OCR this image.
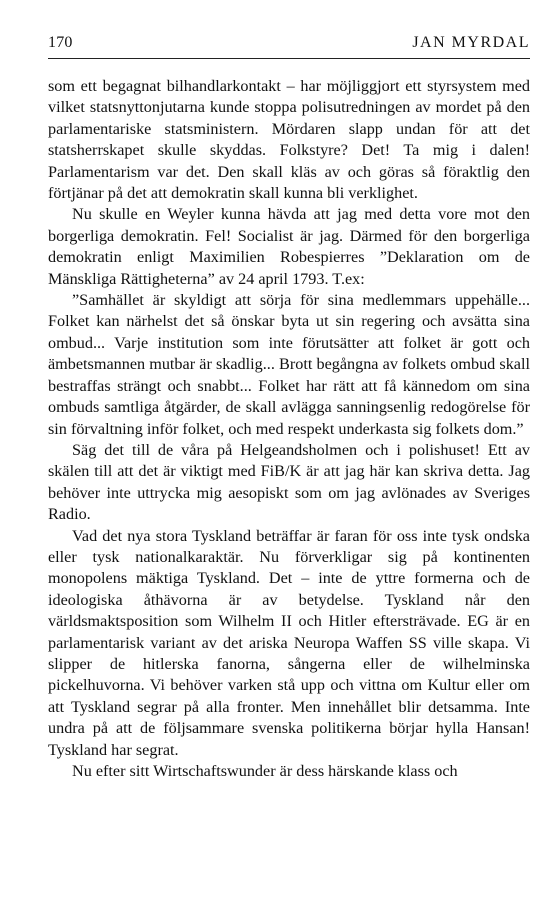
170	JAN MYRDAL

som ett begagnat bilhandlarkontakt – har möjliggjort ett styrsystem med vilket statsnyttonjutarna kunde stoppa polisutredningen av mordet på den parlamentariske statsministern. Mördaren slapp undan för att det statsherrskapet skulle skyddas. Folkstyre? Det! Ta mig i dalen! Parlamentarism var det. Den skall kläs av och göras så föraktlig den förtjänar på det att demokratin skall kunna bli verklighet.

Nu skulle en Weyler kunna hävda att jag med detta vore mot den borgerliga demokratin. Fel! Socialist är jag. Därmed för den borgerliga demokratin enligt Maximilien Robespierres ”Deklaration om de Mänskliga Rättigheterna” av 24 april 1793. T.ex:

”Samhället är skyldigt att sörja för sina medlemmars uppehälle... Folket kan närhelst det så önskar byta ut sin regering och avsätta sina ombud... Varje institution som inte förutsätter att folket är gott och ämbetsmannen mutbar är skadlig... Brott begångna av folkets ombud skall bestraffas strängt och snabbt... Folket har rätt att få kännedom om sina ombuds samtliga åtgärder, de skall avlägga sanningsenlig redogörelse för sin förvaltning inför folket, och med respekt underkasta sig folkets dom.”

Säg det till de våra på Helgeandsholmen och i polishuset! Ett av skälen till att det är viktigt med FiB/K är att jag här kan skriva detta. Jag behöver inte uttrycka mig aesopiskt som om jag avlönades av Sveriges Radio.

Vad det nya stora Tyskland beträffar är faran för oss inte tysk ondska eller tysk nationalkaraktär. Nu förverkligar sig på kontinenten monopolens mäktiga Tyskland. Det – inte de yttre formerna och de ideologiska åthävorna är av betydelse. Tyskland når den världsmaktsposition som Wilhelm II och Hitler eftersträvade. EG är en parlamentarisk variant av det ariska Neuropa Waffen SS ville skapa. Vi slipper de hitlerska fanorna, sångerna eller de wilhelminska pickelhuvorna. Vi behöver varken stå upp och vittna om Kultur eller om att Tyskland segrar på alla fronter. Men innehållet blir detsamma. Inte undra på att de följsammare svenska politikerna börjar hylla Hansan! Tyskland har segrat.

Nu efter sitt Wirtschaftswunder är dess härskande klass och
